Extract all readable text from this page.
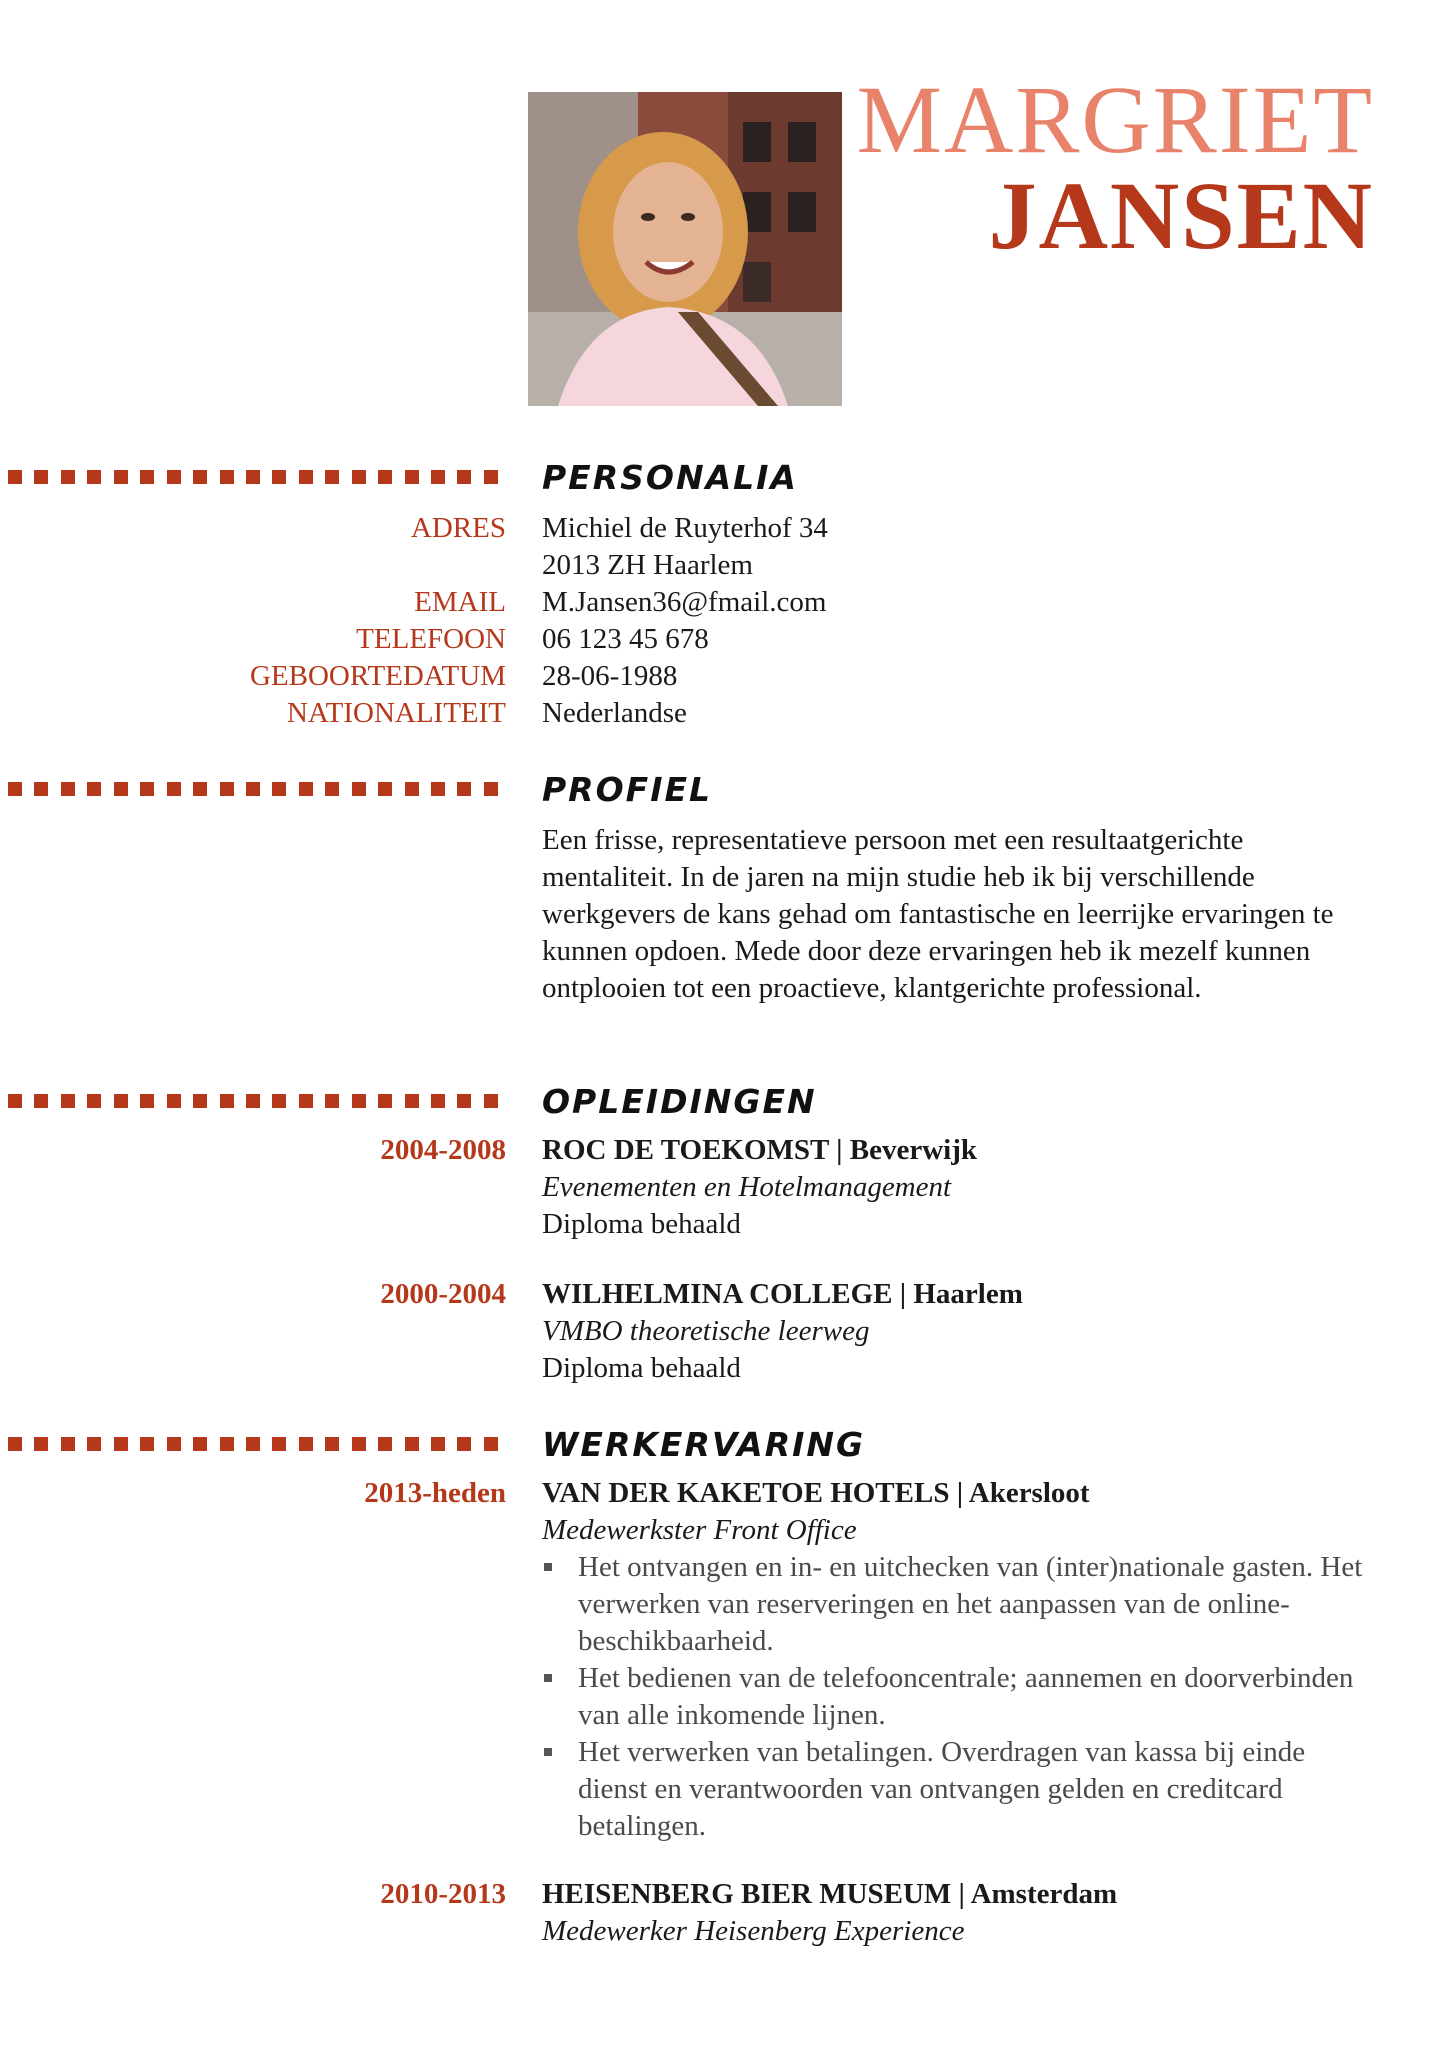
MARGRIET
JANSEN
PERSONALIA
ADRES Michiel de Ruyterhof 34
2013 ZH Haarlem
EMAIL M.Jansen36@fmail.com
TELEFOON 06 123 45 678
GEBOORTEDATUM 28-06-1988
NATIONALITEIT Nederlandse
PROFIEL
Een frisse, representatieve persoon met een resultaatgerichte mentaliteit. In de jaren na mijn studie heb ik bij verschillende werkgevers de kans gehad om fantastische en leerrijke ervaringen te kunnen opdoen. Mede door deze ervaringen heb ik mezelf kunnen ontplooien tot een proactieve, klantgerichte professional.
OPLEIDINGEN
2004-2008 ROC DE TOEKOMST | Beverwijk
Evenementen en Hotelmanagement
Diploma behaald
2000-2004 WILHELMINA COLLEGE | Haarlem
VMBO theoretische leerweg
Diploma behaald
WERKERVARING
2013-heden VAN DER KAKETOE HOTELS | Akersloot
Medewerkster Front Office
Het ontvangen en in- en uitchecken van (inter)nationale gasten. Het verwerken van reserveringen en het aanpassen van de online-beschikbaarheid.
Het bedienen van de telefooncentrale; aannemen en doorverbinden van alle inkomende lijnen.
Het verwerken van betalingen. Overdragen van kassa bij einde dienst en verantwoorden van ontvangen gelden en creditcard betalingen.
2010-2013 HEISENBERG BIER MUSEUM | Amsterdam
Medewerker Heisenberg Experience
